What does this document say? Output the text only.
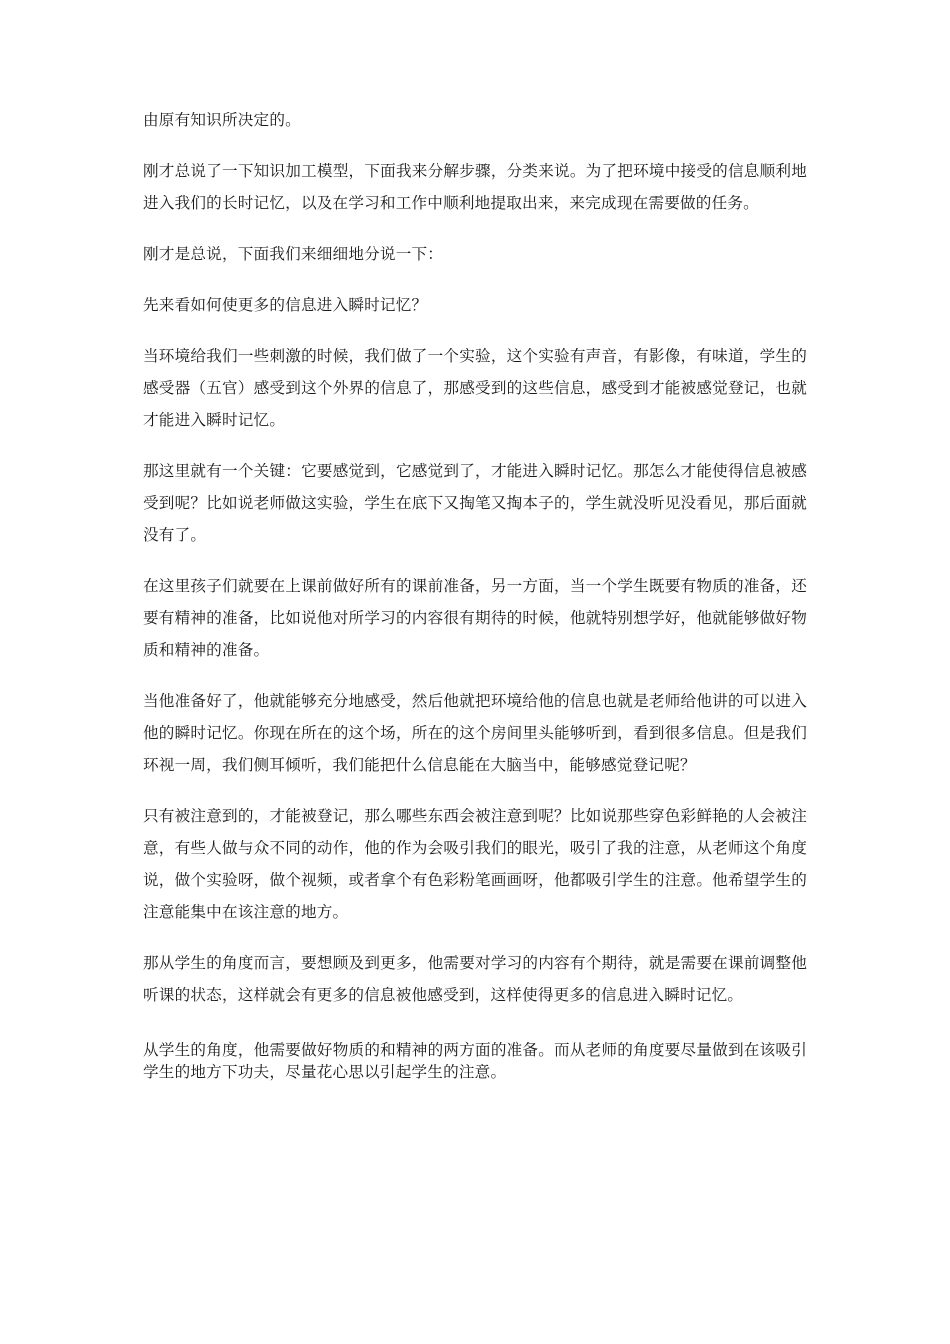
由原有知识所决定的。

刚才总说了一下知识加工模型，下面我来分解步骤，分类来说。为了把环境中接受的信息顺利地进入我们的长时记忆，以及在学习和工作中顺利地提取出来，来完成现在需要做的任务。

刚才是总说，下面我们来细细地分说一下：

先来看如何使更多的信息进入瞬时记忆？

当环境给我们一些刺激的时候，我们做了一个实验，这个实验有声音，有影像，有味道，学生的感受器（五官）感受到这个外界的信息了，那感受到的这些信息，感受到才能被感觉登记，也就才能进入瞬时记忆。

那这里就有一个关键：它要感觉到，它感觉到了，才能进入瞬时记忆。那怎么才能使得信息被感受到呢？比如说老师做这实验，学生在底下又掏笔又掏本子的，学生就没听见没看见，那后面就没有了。

在这里孩子们就要在上课前做好所有的课前准备，另一方面，当一个学生既要有物质的准备，还要有精神的准备，比如说他对所学习的内容很有期待的时候，他就特别想学好，他就能够做好物质和精神的准备。

当他准备好了，他就能够充分地感受，然后他就把环境给他的信息也就是老师给他讲的可以进入他的瞬时记忆。你现在所在的这个场，所在的这个房间里头能够听到，看到很多信息。但是我们环视一周，我们侧耳倾听，我们能把什么信息能在大脑当中，能够感觉登记呢？

只有被注意到的，才能被登记，那么哪些东西会被注意到呢？比如说那些穿色彩鲜艳的人会被注意，有些人做与众不同的动作，他的作为会吸引我们的眼光，吸引了我的注意，从老师这个角度说，做个实验呀，做个视频，或者拿个有色彩粉笔画画呀，他都吸引学生的注意。他希望学生的注意能集中在该注意的地方。

那从学生的角度而言，要想顾及到更多，他需要对学习的内容有个期待，就是需要在课前调整他听课的状态，这样就会有更多的信息被他感受到，这样使得更多的信息进入瞬时记忆。

从学生的角度，他需要做好物质的和精神的两方面的准备。而从老师的角度要尽量做到在该吸引学生的地方下功夫，尽量花心思以引起学生的注意。
